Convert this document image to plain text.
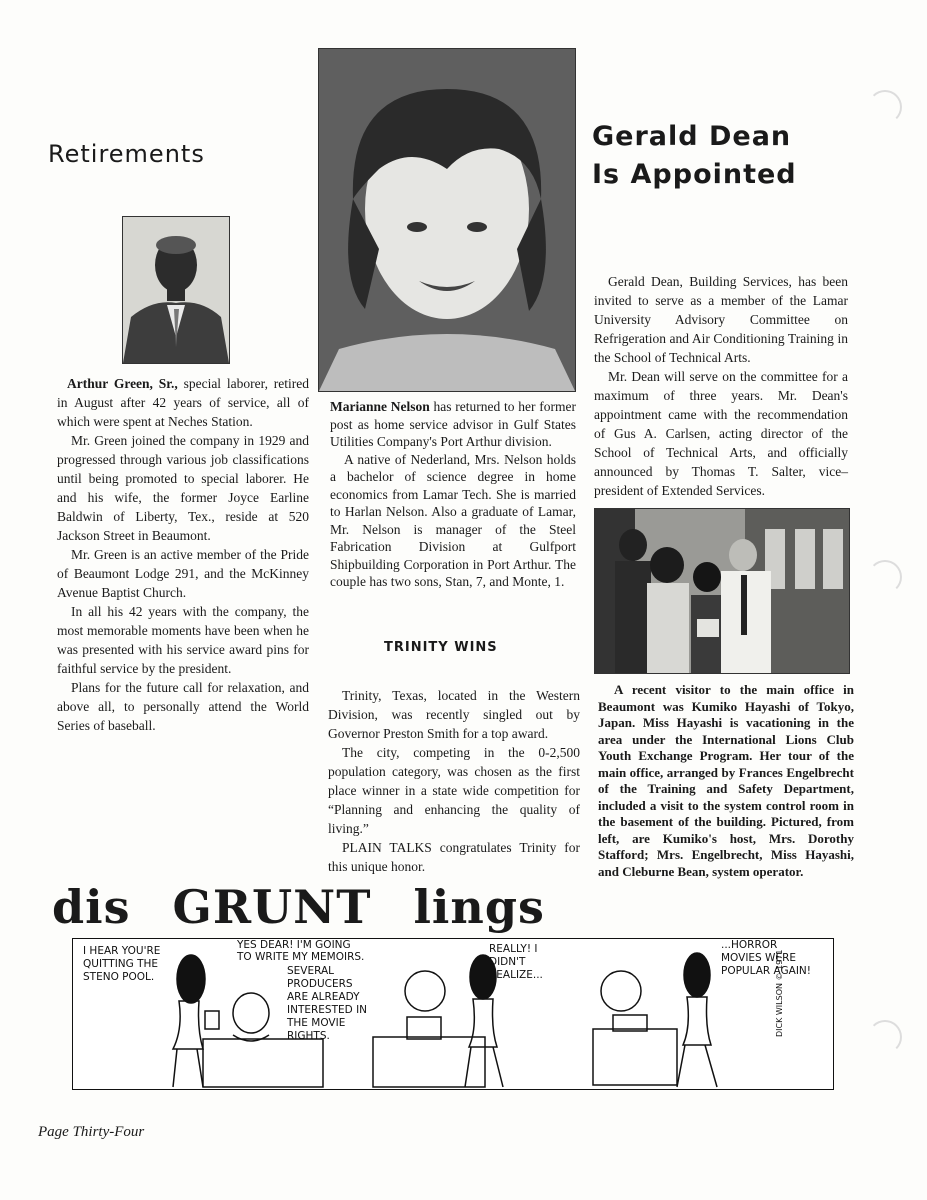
Retirements

Arthur Green, Sr., special laborer, retired in August after 42 years of service, all of which were spent at Neches Station.

Mr. Green joined the company in 1929 and progressed through various job classifications until being promoted to special laborer. He and his wife, the former Joyce Earline Baldwin of Liberty, Tex., reside at 520 Jackson Street in Beaumont.

Mr. Green is an active member of the Pride of Beaumont Lodge 291, and the McKinney Avenue Baptist Church.

In all his 42 years with the company, the most memorable moments have been when he was presented with his service award pins for faithful service by the president.

Plans for the future call for relaxation, and above all, to personally attend the World Series of baseball.

Marianne Nelson has returned to her former post as home service advisor in Gulf States Utilities Company's Port Arthur division.

A native of Nederland, Mrs. Nelson holds a bachelor of science degree in home economics from Lamar Tech. She is married to Harlan Nelson. Also a graduate of Lamar, Mr. Nelson is manager of the Steel Fabrication Division at Gulfport Shipbuilding Corporation in Port Arthur. The couple has two sons, Stan, 7, and Monte, 1.

TRINITY WINS

Trinity, Texas, located in the Western Division, was recently singled out by Governor Preston Smith for a top award.

The city, competing in the 0-2,500 population category, was chosen as the first place winner in a state wide competition for “Planning and enhancing the quality of living.”

PLAIN TALKS congratulates Trinity for this unique honor.

Gerald Dean
Is Appointed

Gerald Dean, Building Services, has been invited to serve as a member of the Lamar University Advisory Committee on Refrigeration and Air Conditioning Training in the School of Technical Arts.

Mr. Dean will serve on the committee for a maximum of three years. Mr. Dean's appointment came with the recommendation of Gus A. Carlsen, acting director of the School of Technical Arts, and officially announced by Thomas T. Salter, vice–president of Extended Services.

A recent visitor to the main office in Beaumont was Kumiko Hayashi of Tokyo, Japan. Miss Hayashi is vacationing in the area under the International Lions Club Youth Exchange Program. Her tour of the main office, arranged by Frances Engelbrecht of the Training and Safety Department, included a visit to the system control room in the basement of the building. Pictured, from left, are Kumiko's host, Mrs. Dorothy Stafford; Mrs. Engelbrecht, Miss Hayashi, and Cleburne Bean, system operator.

dis GRUNT lings
I HEAR YOU'RE QUITTING THE STENO POOL.
YES DEAR! I'M GOING
TO WRITE MY MEMOIRS.
SEVERAL PRODUCERS ARE ALREADY INTERESTED IN THE MOVIE RIGHTS.
REALLY! I DIDN'T REALIZE...
...HORROR MOVIES WERE POPULAR AGAIN!
DICK WILSON © 1971
Page Thirty-Four
